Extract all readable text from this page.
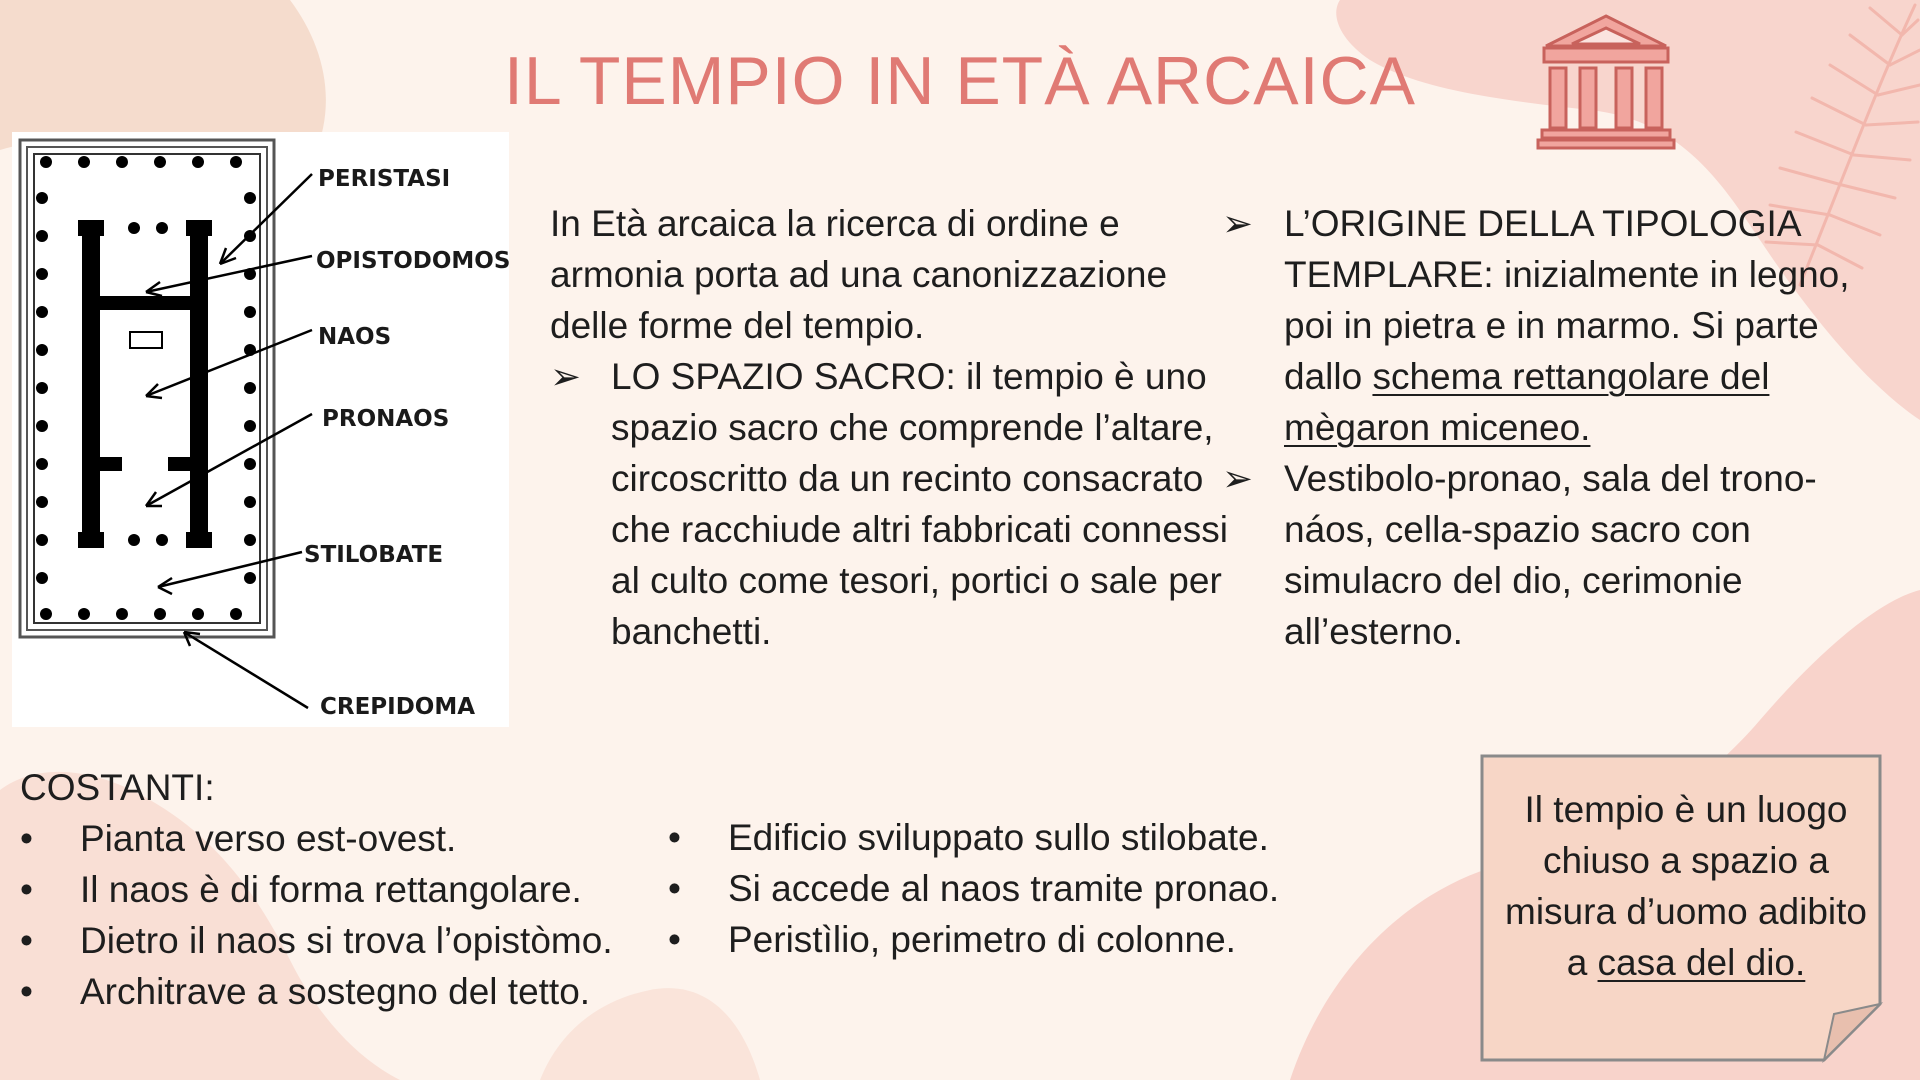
IL TEMPIO IN ETÀ ARCAICA
PERISTASI
OPISTODOMOS
NAOS
PRONAOS
STILOBATE
CREPIDOMA
In Età arcaica la ricerca di ordine e armonia porta ad una canonizzazione delle forme del tempio.
➢ LO SPAZIO SACRO: il tempio è uno spazio sacro che comprende l’altare, circoscritto da un recinto consacrato che racchiude altri fabbricati connessi al culto come tesori, portici o sale per banchetti.
➢ L’ORIGINE DELLA TIPOLOGIA TEMPLARE: inizialmente in legno, poi in pietra e in marmo. Si parte dallo schema rettangolare del mègaron miceneo.
➢ Vestibolo-pronao, sala del trono-náos, cella-spazio sacro con simulacro del dio, cerimonie all’esterno.
COSTANTI:
• Pianta verso est-ovest.
• Il naos è di forma rettangolare.
• Dietro il naos si trova l’opistòmo.
• Architrave a sostegno del tetto.
• Edificio sviluppato sullo stilobate.
• Si accede al naos tramite pronao.
• Peristìlio, perimetro di colonne.
Il tempio è un luogo chiuso a spazio a misura d’uomo adibito a casa del dio.
